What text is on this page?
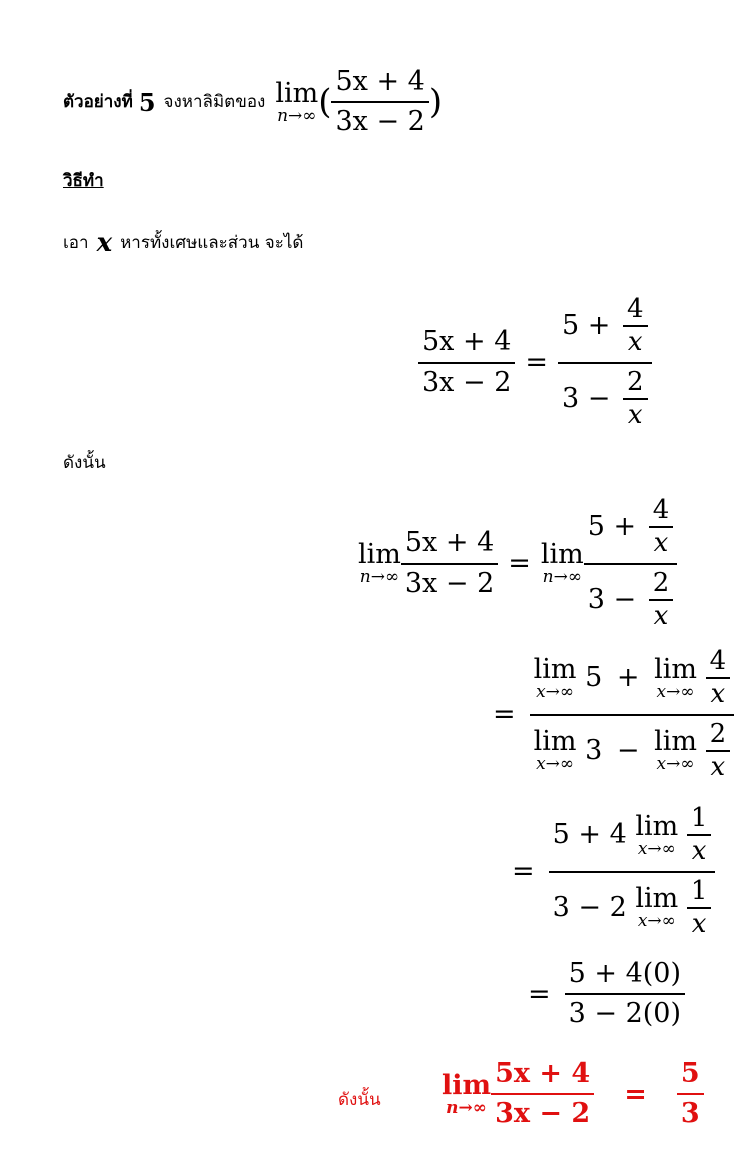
ตัวอย่างที่ 5 จงหาลิมิตของ lim
n→∞ (
5x + 4
3x − 2 )
วิธีทำ
เอา x หารทั้งเศษและส่วน จะได้
5x + 4
3x − 2
=
$5 + \frac{4}{x}$
$3 - \frac{2}{x}$
ดังนั้น
lim
n→∞
5x + 4
3x − 2
= lim
n→∞
$5 + \frac{4}{x}$
$3 - \frac{2}{x}$
=
lim
x→∞ 5 + lim
x→∞
$\frac{4}{x}$
lim
x→∞ 3 − lim
x→∞
$\frac{2}{x}$
=
5 + 4 lim
x→∞
$\frac{1}{x}$
3 − 2 lim
x→∞
$\frac{1}{x}$
=
5 + 4(0)
3 − 2(0)
ดังนั้น lim
n→∞
5x + 4
3x − 2
=
5
3
